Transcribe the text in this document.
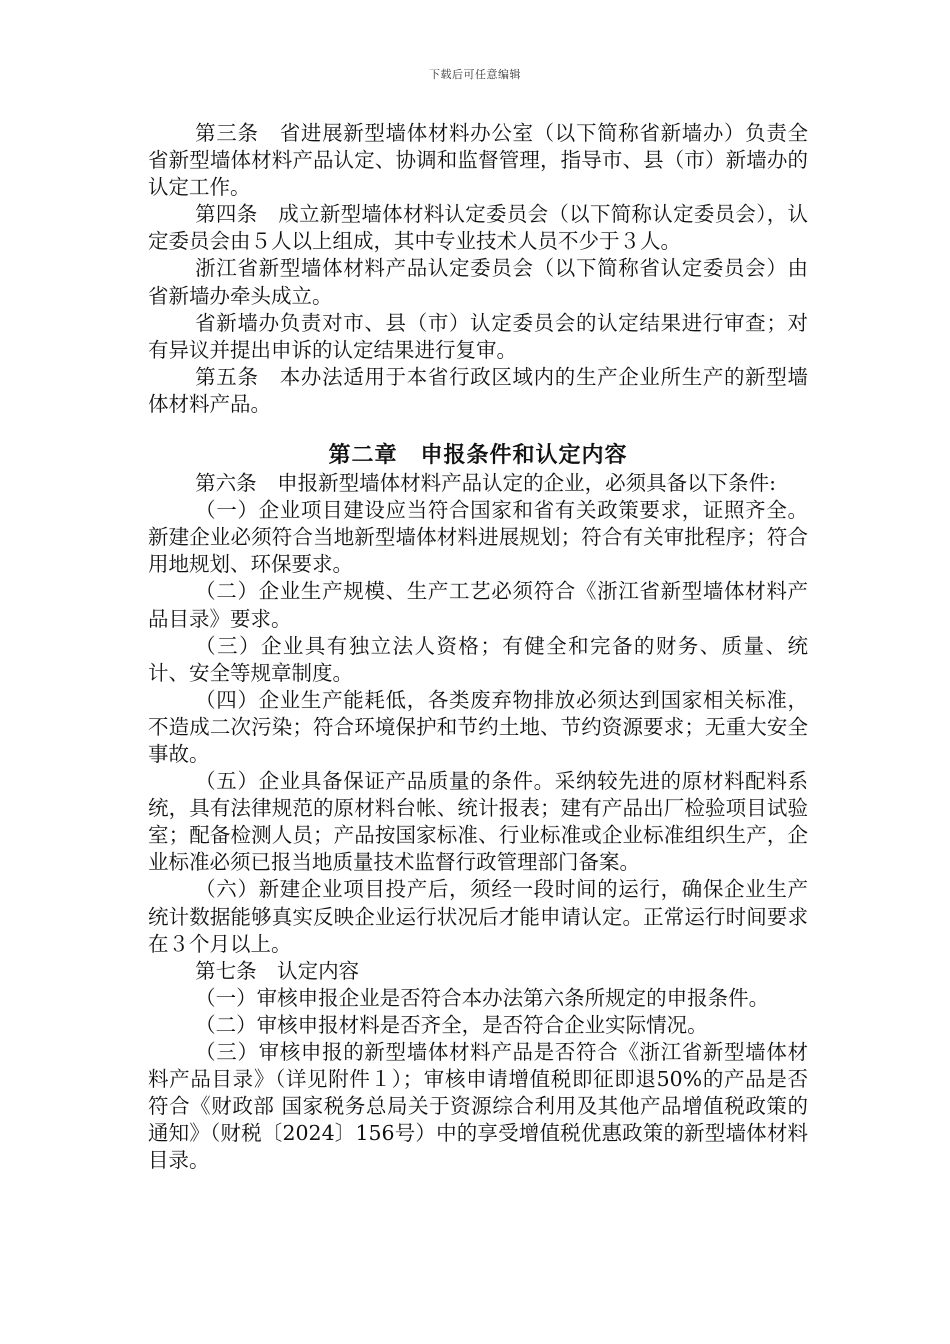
下载后可任意编辑

第三条　省进展新型墙体材料办公室（以下简称省新墙办）负责全省新型墙体材料产品认定、协调和监督管理，指导市、县（市）新墙办的认定工作。

第四条　成立新型墙体材料认定委员会（以下简称认定委员会），认定委员会由５人以上组成，其中专业技术人员不少于３人。

浙江省新型墙体材料产品认定委员会（以下简称省认定委员会）由省新墙办牵头成立。

省新墙办负责对市、县（市）认定委员会的认定结果进行审查；对有异议并提出申诉的认定结果进行复审。

第五条　本办法适用于本省行政区域内的生产企业所生产的新型墙体材料产品。

第二章　申报条件和认定内容

第六条　申报新型墙体材料产品认定的企业，必须具备以下条件:

（一）企业项目建设应当符合国家和省有关政策要求，证照齐全。新建企业必须符合当地新型墙体材料进展规划；符合有关审批程序；符合用地规划、环保要求。

（二）企业生产规模、生产工艺必须符合《浙江省新型墙体材料产品目录》要求。

（三）企业具有独立法人资格；有健全和完备的财务、质量、统计、安全等规章制度。

（四）企业生产能耗低，各类废弃物排放必须达到国家相关标准，不造成二次污染；符合环境保护和节约土地、节约资源要求；无重大安全事故。

（五）企业具备保证产品质量的条件。采纳较先进的原材料配料系统，具有法律规范的原材料台帐、统计报表；建有产品出厂检验项目试验室；配备检测人员；产品按国家标准、行业标准或企业标准组织生产，企业标准必须已报当地质量技术监督行政管理部门备案。

（六）新建企业项目投产后，须经一段时间的运行，确保企业生产统计数据能够真实反映企业运行状况后才能申请认定。正常运行时间要求在３个月以上。

第七条　认定内容

（一）审核申报企业是否符合本办法第六条所规定的申报条件。

（二）审核申报材料是否齐全，是否符合企业实际情况。

（三）审核申报的新型墙体材料产品是否符合《浙江省新型墙体材料产品目录》（详见附件１）；审核申请增值税即征即退50%的产品是否符合《财政部 国家税务总局关于资源综合利用及其他产品增值税政策的通知》（财税〔2024〕156号）中的享受增值税优惠政策的新型墙体材料目录。
